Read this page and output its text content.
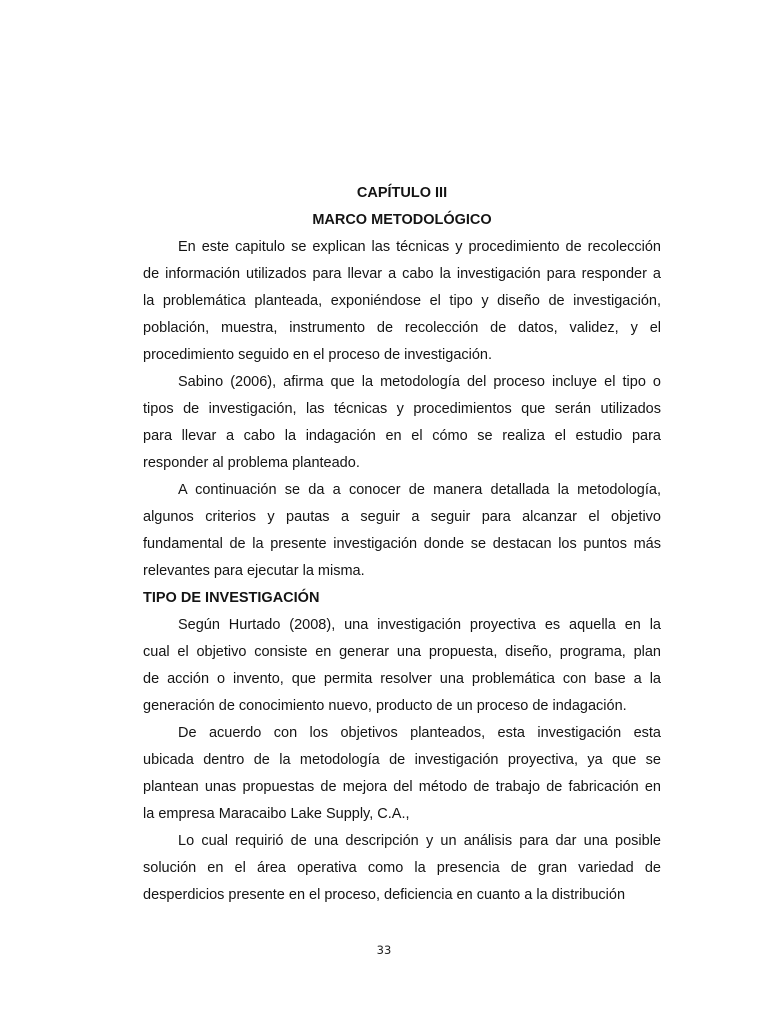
CAPÍTULO III
MARCO METODOLÓGICO
En este capitulo se explican las técnicas y procedimiento de recolección
de información utilizados para llevar a cabo la investigación para responder a
la problemática planteada, exponiéndose el tipo y diseño de investigación,
población, muestra, instrumento de recolección de datos, validez, y el
procedimiento seguido en el proceso de investigación.
Sabino (2006), afirma que la metodología del proceso incluye el tipo o
tipos de investigación, las técnicas y procedimientos que serán utilizados
para llevar a cabo la indagación en el cómo se realiza el estudio para
responder al problema planteado.
A continuación se da a conocer de manera detallada la metodología,
algunos criterios y pautas a seguir a seguir para alcanzar el objetivo
fundamental de la presente investigación donde se destacan los puntos más
relevantes para ejecutar la misma.
TIPO DE INVESTIGACIÓN
Según Hurtado (2008), una investigación proyectiva es aquella en la
cual el objetivo consiste en generar una propuesta, diseño, programa, plan
de acción o invento, que permita resolver una problemática con base a la
generación de conocimiento nuevo, producto de un proceso de indagación.
De acuerdo con los objetivos planteados, esta investigación esta
ubicada dentro de la metodología de investigación proyectiva, ya que se
plantean unas propuestas de mejora del método de trabajo de fabricación en
la empresa Maracaibo Lake Supply, C.A.,
Lo cual requirió de una descripción y un análisis para dar una posible
solución en el área operativa como la presencia de gran variedad de
desperdicios presente en el proceso, deficiencia en cuanto a la distribución
33
